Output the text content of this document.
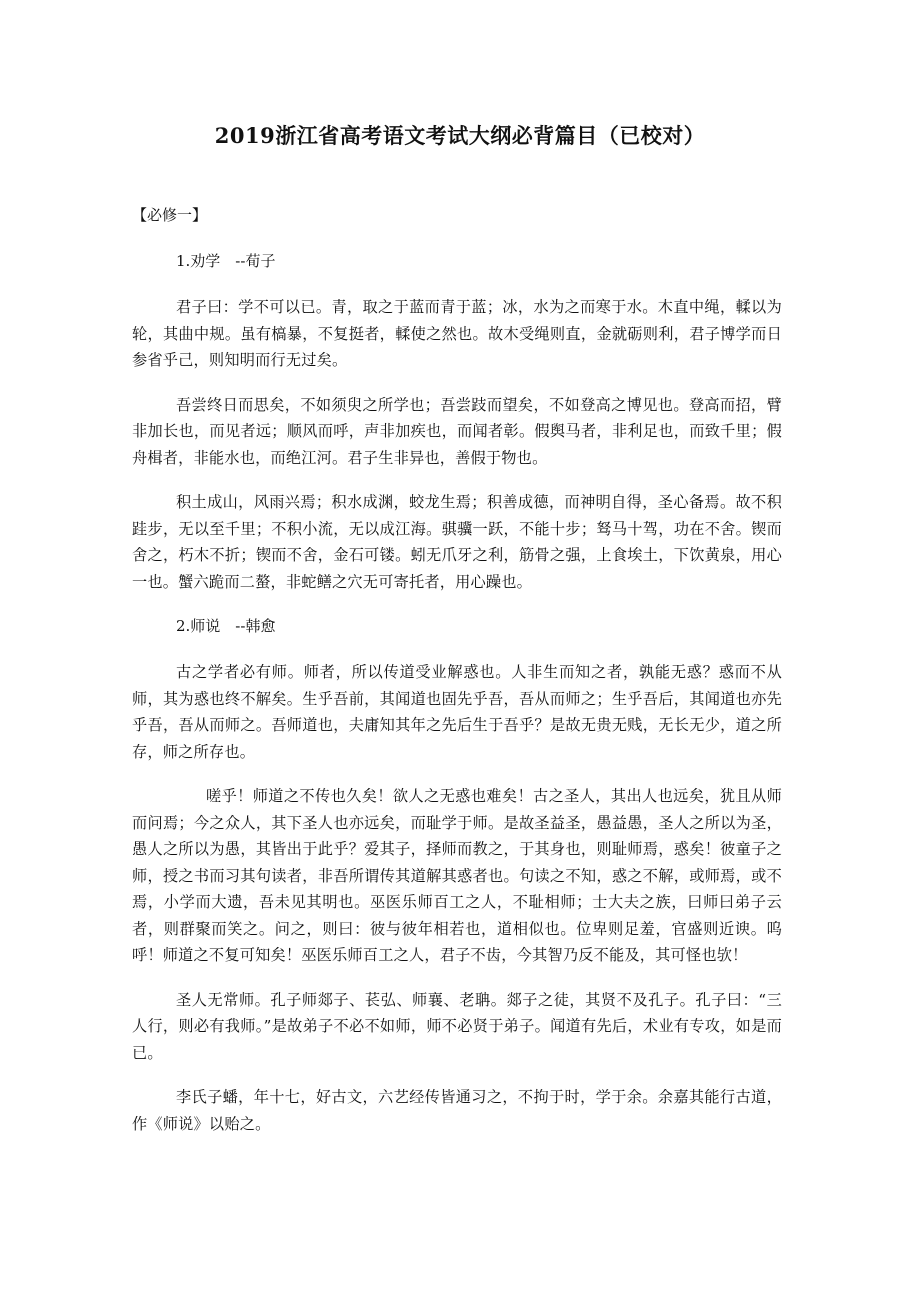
2019浙江省高考语文考试大纲必背篇目（已校对）
【必修一】
1.劝学　--荀子

君子曰：学不可以已。青，取之于蓝而青于蓝；冰，水为之而寒于水。木直中绳，輮以为轮，其曲中规。虽有槁暴，不复挺者，輮使之然也。故木受绳则直，金就砺则利，君子博学而日参省乎己，则知明而行无过矣。

吾尝终日而思矣，不如须臾之所学也；吾尝跂而望矣，不如登高之博见也。登高而招，臂非加长也，而见者远；顺风而呼，声非加疾也，而闻者彰。假舆马者，非利足也，而致千里；假舟楫者，非能水也，而绝江河。君子生非异也，善假于物也。

积土成山，风雨兴焉；积水成渊，蛟龙生焉；积善成德，而神明自得，圣心备焉。故不积跬步，无以至千里；不积小流，无以成江海。骐骥一跃，不能十步；驽马十驾，功在不舍。锲而舍之，朽木不折；锲而不舍，金石可镂。蚓无爪牙之利，筋骨之强，上食埃土，下饮黄泉，用心一也。蟹六跪而二螯，非蛇鳝之穴无可寄托者，用心躁也。

2.师说　--韩愈

古之学者必有师。师者，所以传道受业解惑也。人非生而知之者，孰能无惑？惑而不从师，其为惑也终不解矣。生乎吾前，其闻道也固先乎吾，吾从而师之；生乎吾后，其闻道也亦先乎吾，吾从而师之。吾师道也，夫庸知其年之先后生于吾乎？是故无贵无贱，无长无少，道之所存，师之所存也。

嗟乎！师道之不传也久矣！欲人之无惑也难矣！古之圣人，其出人也远矣，犹且从师而问焉；今之众人，其下圣人也亦远矣，而耻学于师。是故圣益圣，愚益愚，圣人之所以为圣，愚人之所以为愚，其皆出于此乎？爱其子，择师而教之，于其身也，则耻师焉，惑矣！彼童子之师，授之书而习其句读者，非吾所谓传其道解其惑者也。句读之不知，惑之不解，或师焉，或不焉，小学而大遗，吾未见其明也。巫医乐师百工之人，不耻相师；士大夫之族，曰师曰弟子云者，则群聚而笑之。问之，则曰：彼与彼年相若也，道相似也。位卑则足羞，官盛则近谀。呜呼！师道之不复可知矣！巫医乐师百工之人，君子不齿，今其智乃反不能及，其可怪也欤！

圣人无常师。孔子师郯子、苌弘、师襄、老聃。郯子之徒，其贤不及孔子。孔子曰：“三人行，则必有我师。”是故弟子不必不如师，师不必贤于弟子。闻道有先后，术业有专攻，如是而已。

李氏子蟠，年十七，好古文，六艺经传皆通习之，不拘于时，学于余。余嘉其能行古道，作《师说》以贻之。
